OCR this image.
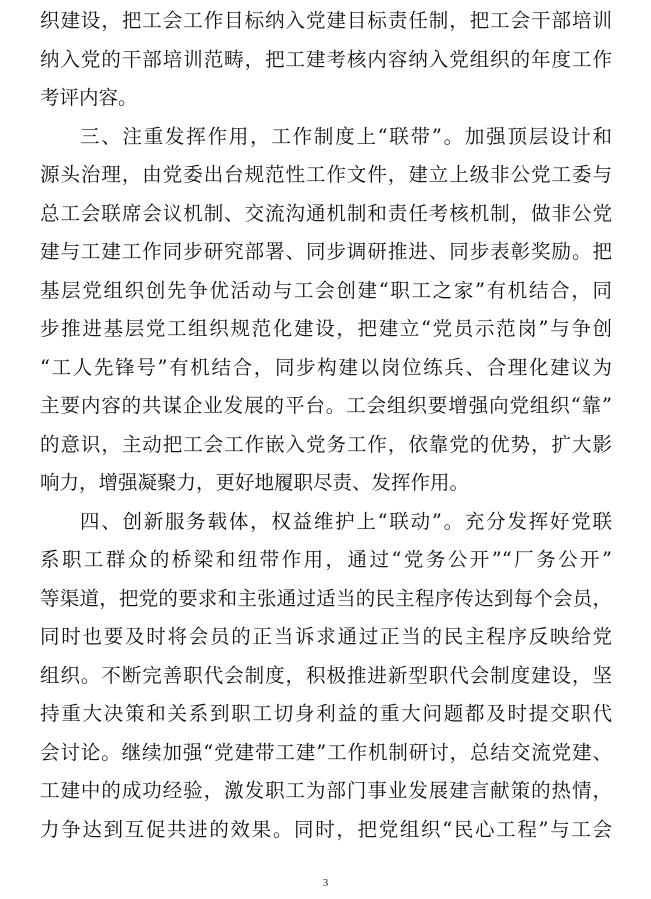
织建设，把工会工作目标纳入党建目标责任制，把工会干部培训
纳入党的干部培训范畴，把工建考核内容纳入党组织的年度工作
考评内容。
三、注重发挥作用，工作制度上“联带”。加强顶层设计和
源头治理，由党委出台规范性工作文件，建立上级非公党工委与
总工会联席会议机制、交流沟通机制和责任考核机制，做非公党
建与工建工作同步研究部署、同步调研推进、同步表彰奖励。把
基层党组织创先争优活动与工会创建“职工之家”有机结合，同
步推进基层党工组织规范化建设，把建立“党员示范岗”与争创
“工人先锋号”有机结合，同步构建以岗位练兵、合理化建议为
主要内容的共谋企业发展的平台。工会组织要增强向党组织“靠”
的意识，主动把工会工作嵌入党务工作，依靠党的优势，扩大影
响力，增强凝聚力，更好地履职尽责、发挥作用。
四、创新服务载体，权益维护上“联动”。充分发挥好党联
系职工群众的桥梁和纽带作用，通过“党务公开”“厂务公开”
等渠道，把党的要求和主张通过适当的民主程序传达到每个会员，
同时也要及时将会员的正当诉求通过正当的民主程序反映给党
组织。不断完善职代会制度，积极推进新型职代会制度建设，坚
持重大决策和关系到职工切身利益的重大问题都及时提交职代
会讨论。继续加强“党建带工建”工作机制研讨，总结交流党建、
工建中的成功经验，激发职工为部门事业发展建言献策的热情，
力争达到互促共进的效果。同时，把党组织“民心工程”与工会
3
